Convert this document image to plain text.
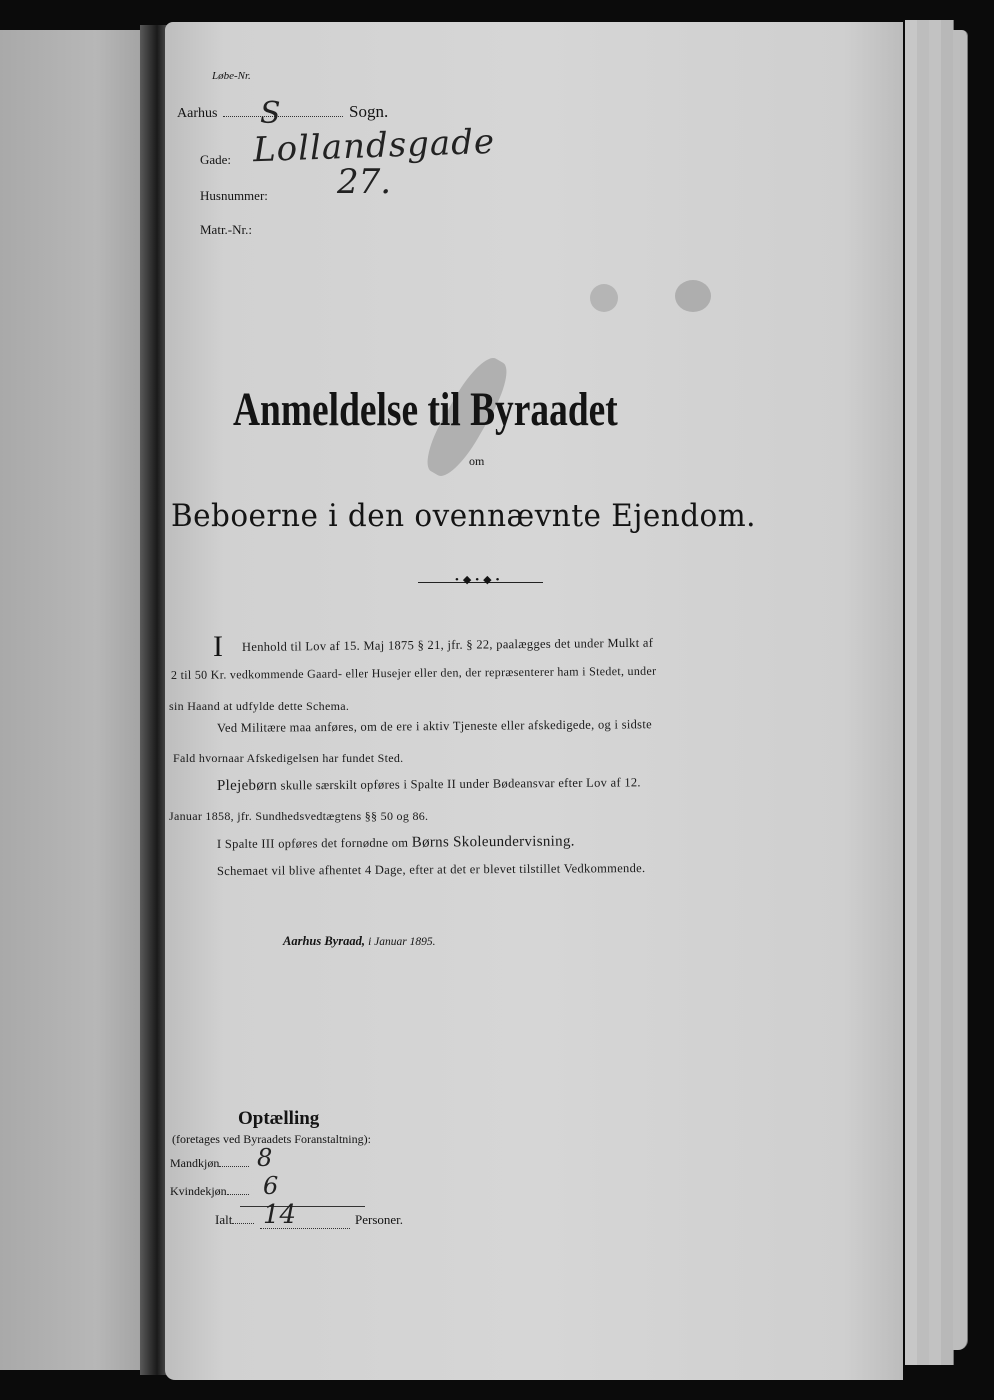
Løbe-Nr.
Aarhus S	Sogn.
Gade: Lollandsgade
Husnummer: 27.
Matr.-Nr.:
Anmeldelse til Byraadet
om
Beboerne i den ovennævnte Ejendom.
•◆•◆•
I Henhold til Lov af 15. Maj 1875 § 21, jfr. § 22, paalægges det under Mulkt af
2 til 50 Kr. vedkommende Gaard- eller Husejer eller den, der repræsenterer ham i Stedet, under
sin Haand at udfylde dette Schema.
Ved Militære maa anføres, om de ere i aktiv Tjeneste eller afskedigede, og i sidste
Fald hvornaar Afskedigelsen har fundet Sted.
Plejebørn skulle særskilt opføres i Spalte II under Bødeansvar efter Lov af 12.
Januar 1858, jfr. Sundhedsvedtægtens §§ 50 og 86.
I Spalte III opføres det fornødne om Børns Skoleundervisning.
Schemaet vil blive afhentet 4 Dage, efter at det er blevet tilstillet Vedkommende.
Aarhus Byraad, i Januar 1895.
Optælling
(foretages ved Byraadets Foranstaltning):
Mandkjøn	8
Kvindekjøn	6
Ialt	14	Personer.
